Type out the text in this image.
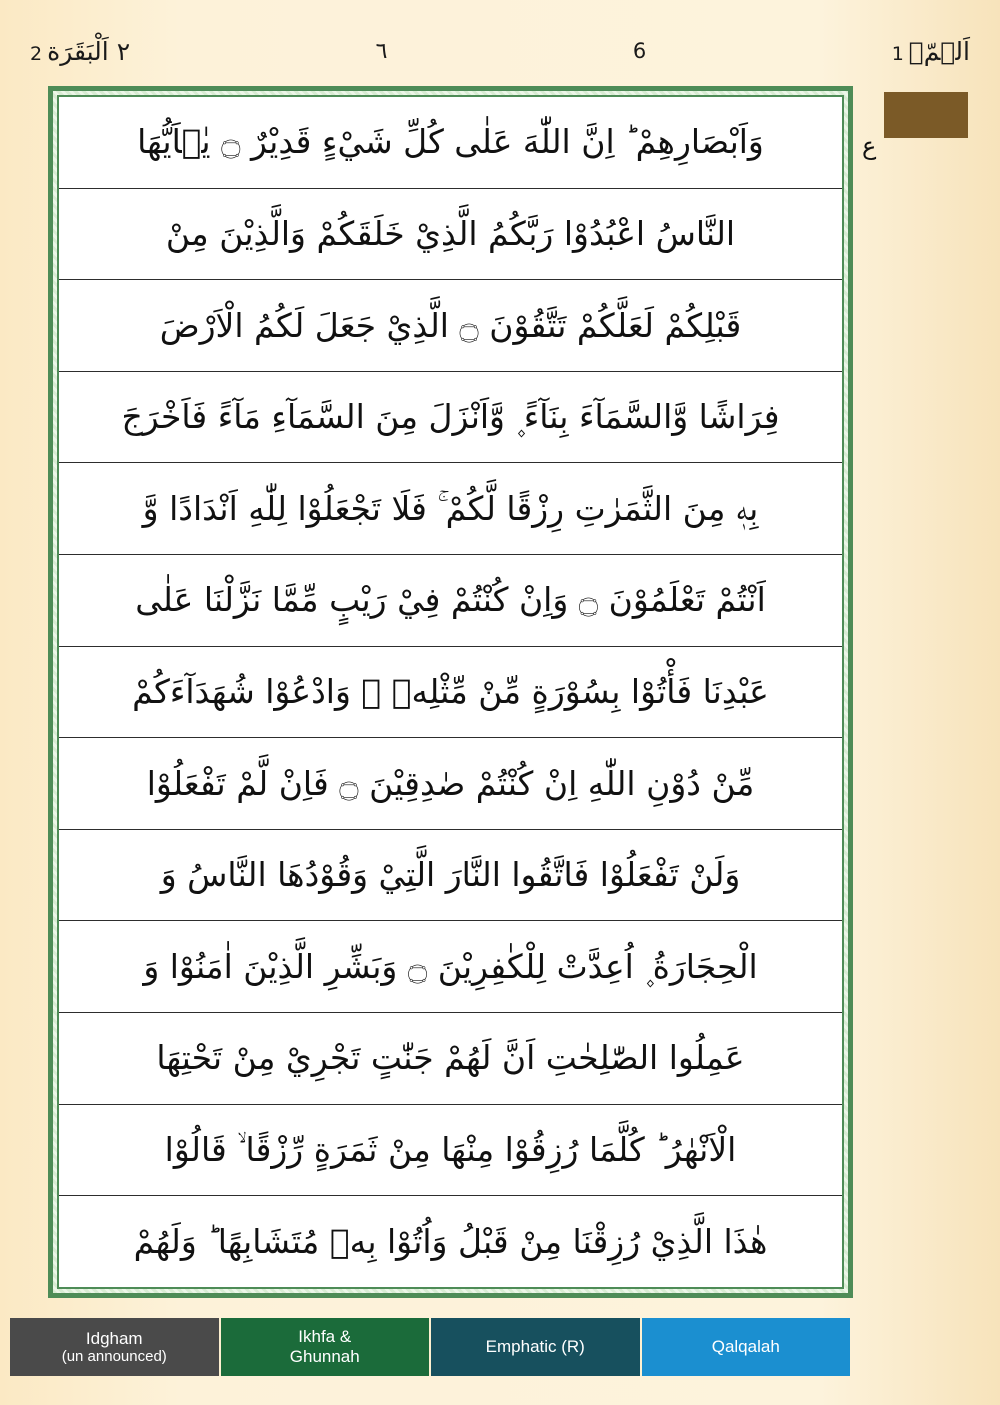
٢ اَلْبَقَرَة
2	٦	6	اَلۗمّۤ
1
ع
وَاَبْصَارِهِمْ ؕ اِنَّ اللّٰهَ عَلٰى كُلِّ شَيْءٍ قَدِيْرٌ ۝ يٰۤاَيُّهَا
النَّاسُ اعْبُدُوْا رَبَّكُمُ الَّذِيْ خَلَقَكُمْ وَالَّذِيْنَ مِنْ
قَبْلِكُمْ لَعَلَّكُمْ تَتَّقُوْنَ ۝ الَّذِيْ جَعَلَ لَكُمُ الْاَرْضَ
فِرَاشًا وَّالسَّمَآءَ بِنَآءً ۪ وَّاَنْزَلَ مِنَ السَّمَآءِ مَآءً فَاَخْرَجَ
بِهٖ مِنَ الثَّمَرٰتِ رِزْقًا لَّكُمْ ۚ فَلَا تَجْعَلُوْا لِلّٰهِ اَنْدَادًا وَّ
اَنْتُمْ تَعْلَمُوْنَ ۝ وَاِنْ كُنْتُمْ فِيْ رَيْبٍ مِّمَّا نَزَّلْنَا عَلٰى
عَبْدِنَا فَأْتُوْا بِسُوْرَةٍ مِّنْ مِّثْلِهٖ ۪ وَادْعُوْا شُهَدَآءَكُمْ
مِّنْ دُوْنِ اللّٰهِ اِنْ كُنْتُمْ صٰدِقِيْنَ ۝ فَاِنْ لَّمْ تَفْعَلُوْا
وَلَنْ تَفْعَلُوْا فَاتَّقُوا النَّارَ الَّتِيْ وَقُوْدُهَا النَّاسُ وَ
الْحِجَارَةُ ۪ اُعِدَّتْ لِلْكٰفِرِيْنَ ۝ وَبَشِّرِ الَّذِيْنَ اٰمَنُوْا وَ
عَمِلُوا الصّٰلِحٰتِ اَنَّ لَهُمْ جَنّٰتٍ تَجْرِيْ مِنْ تَحْتِهَا
الْاَنْهٰرُ ؕ كُلَّمَا رُزِقُوْا مِنْهَا مِنْ ثَمَرَةٍ رِّزْقًا ۙ قَالُوْا
هٰذَا الَّذِيْ رُزِقْنَا مِنْ قَبْلُ وَاُتُوْا بِهٖ مُتَشَابِهًا ؕ وَلَهُمْ
Idgham
(un announced)
Ikhfa &
Ghunnah
Emphatic (R)	Qalqalah
